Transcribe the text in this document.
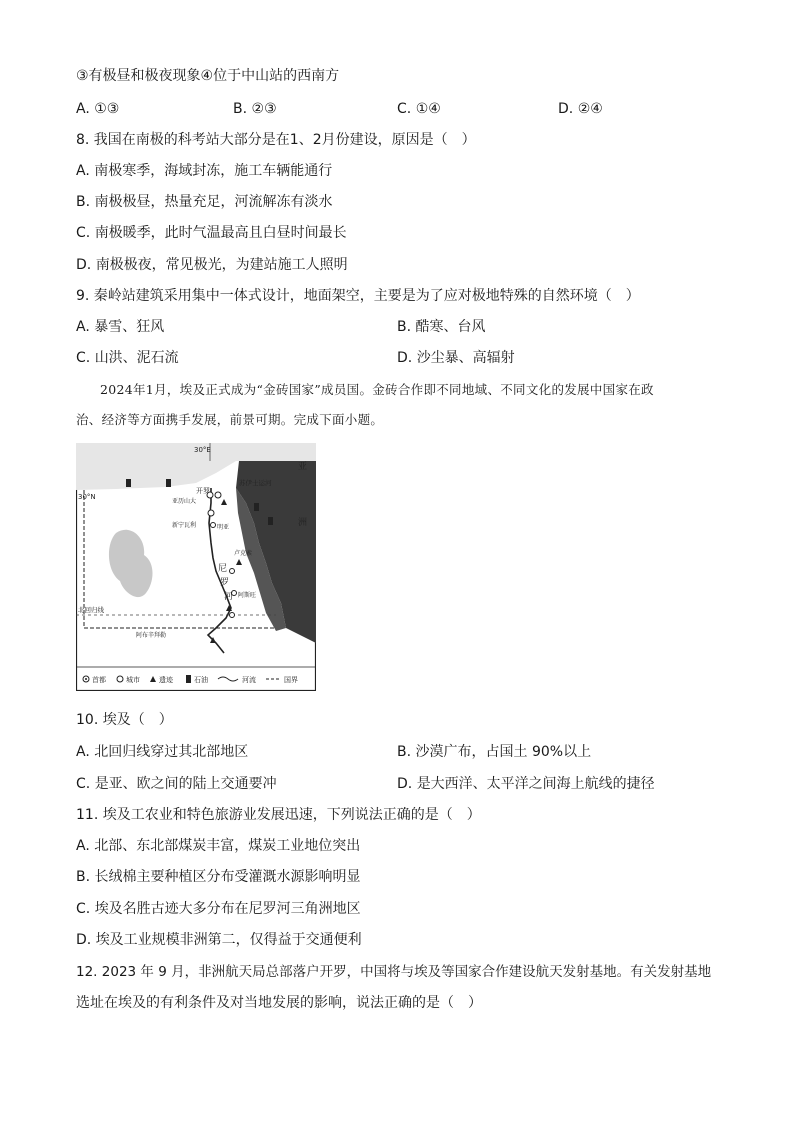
③有极昼和极夜现象④位于中山站的西南方
A. ①③	B. ②③	C. ①④	D. ②④
8. 我国在南极的科考站大部分是在1、2月份建设，原因是（　）
A. 南极寒季，海域封冻，施工车辆能通行
B. 南极极昼，热量充足，河流解冻有淡水
C. 南极暖季，此时气温最高且白昼时间最长
D. 南极极夜，常见极光，为建站施工人照明
9. 秦岭站建筑采用集中一体式设计，地面架空，主要是为了应对极地特殊的自然环境（　）
A. 暴雪、狂风	B. 酷寒、台风
C. 山洪、泥石流	D. 沙尘暴、高辐射
2024年1月，埃及正式成为“金砖国家”成员国。金砖合作即不同地域、不同文化的发展中国家在政
治、经济等方面携手发展，前景可期。完成下面小题。
30°E
30°N
北回归线
苏伊士运河
开罗
亚历山大
新宁瓦利	明亚
卢克索
阿斯旺
阿布辛拜勒
亚
洲
尼
罗
河
首都	城市	遗迹	石油	河流	国界
10. 埃及（　）
A. 北回归线穿过其北部地区	B. 沙漠广布，占国土 90%以上
C. 是亚、欧之间的陆上交通要冲	D. 是大西洋、太平洋之间海上航线的捷径
11. 埃及工农业和特色旅游业发展迅速，下列说法正确的是（　）
A. 北部、东北部煤炭丰富，煤炭工业地位突出
B. 长绒棉主要种植区分布受灌溉水源影响明显
C. 埃及名胜古迹大多分布在尼罗河三角洲地区
D. 埃及工业规模非洲第二，仅得益于交通便利
12. 2023 年 9 月，非洲航天局总部落户开罗，中国将与埃及等国家合作建设航天发射基地。有关发射基地
选址在埃及的有利条件及对当地发展的影响，说法正确的是（　）
